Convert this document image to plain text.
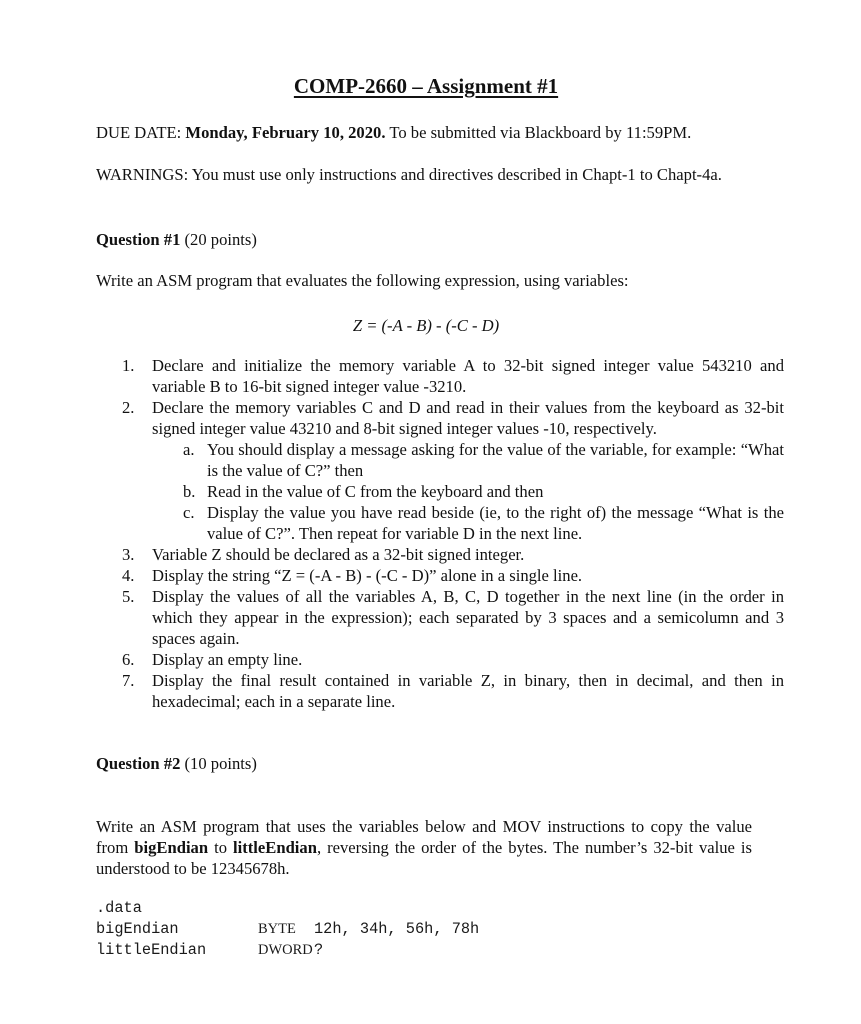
COMP-2660 – Assignment #1
DUE DATE: Monday, February 10, 2020. To be submitted via Blackboard by 11:59PM.
WARNINGS: You must use only instructions and directives described in Chapt-1 to Chapt-4a.
Question #1 (20 points)
Write an ASM program that evaluates the following expression, using variables:
Z = (-A - B) - (-C - D)
1. Declare and initialize the memory variable A to 32-bit signed integer value 543210 and variable B to 16-bit signed integer value -3210.
2. Declare the memory variables C and D and read in their values from the keyboard as 32-bit signed integer value 43210 and 8-bit signed integer values -10, respectively.
a. You should display a message asking for the value of the variable, for example: “What is the value of C?” then
b. Read in the value of C from the keyboard and then
c. Display the value you have read beside (ie, to the right of) the message “What is the value of C?”. Then repeat for variable D in the next line.
3. Variable Z should be declared as a 32-bit signed integer.
4. Display the string “Z = (-A - B) - (-C - D)” alone in a single line.
5. Display the values of all the variables A, B, C, D together in the next line (in the order in which they appear in the expression); each separated by 3 spaces and a semicolumn and 3 spaces again.
6. Display an empty line.
7. Display the final result contained in variable Z, in binary, then in decimal, and then in hexadecimal; each in a separate line.
Question #2 (10 points)
Write an ASM program that uses the variables below and MOV instructions to copy the value from bigEndian to littleEndian, reversing the order of the bytes. The number’s 32-bit value is understood to be 12345678h.
.data
bigEndian	BYTE 12h, 34h, 56h, 78h
littleEndian	DWORD?
